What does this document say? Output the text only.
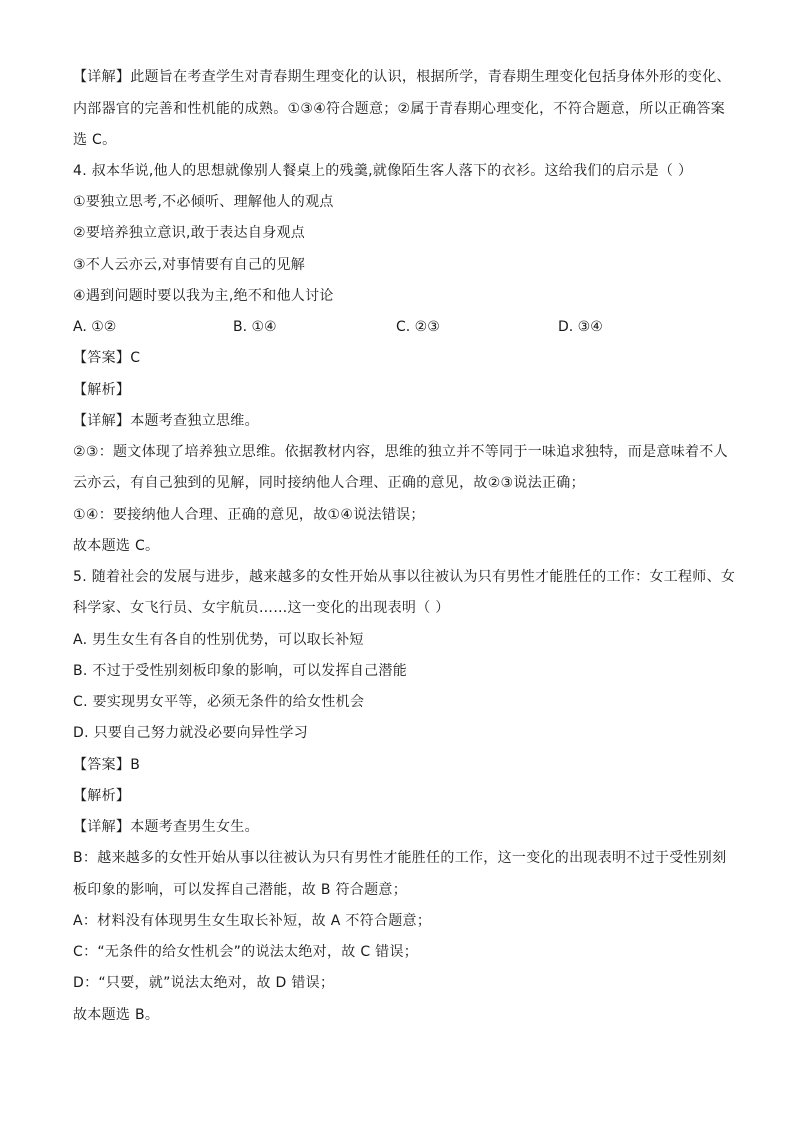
【详解】此题旨在考查学生对青春期生理变化的认识，根据所学，青春期生理变化包括身体外形的变化、
内部器官的完善和性机能的成熟。①③④符合题意；②属于青春期心理变化，不符合题意，所以正确答案
选 C。
4. 叔本华说,他人的思想就像别人餐桌上的残羹,就像陌生客人落下的衣衫。这给我们的启示是（ ）
①要独立思考,不必倾听、理解他人的观点
②要培养独立意识,敢于表达自身观点
③不人云亦云,对事情要有自己的见解
④遇到问题时要以我为主,绝不和他人讨论
A. ①②	B. ①④	C. ②③	D. ③④
【答案】C
【解析】
【详解】本题考查独立思维。
②③：题文体现了培养独立思维。依据教材内容，思维的独立并不等同于一味追求独特，而是意味着不人
云亦云，有自己独到的见解，同时接纳他人合理、正确的意见，故②③说法正确；
①④：要接纳他人合理、正确的意见，故①④说法错误；
故本题选 C。
5. 随着社会的发展与进步，越来越多的女性开始从事以往被认为只有男性才能胜任的工作：女工程师、女
科学家、女飞行员、女宇航员……这一变化的出现表明（ ）
A. 男生女生有各自的性别优势，可以取长补短
B. 不过于受性别刻板印象的影响，可以发挥自己潜能
C. 要实现男女平等，必须无条件的给女性机会
D. 只要自己努力就没必要向异性学习
【答案】B
【解析】
【详解】本题考查男生女生。
B：越来越多的女性开始从事以往被认为只有男性才能胜任的工作，这一变化的出现表明不过于受性别刻
板印象的影响，可以发挥自己潜能，故 B 符合题意；
A：材料没有体现男生女生取长补短，故 A 不符合题意；
C：“无条件的给女性机会”的说法太绝对，故 C 错误；
D：“只要，就”说法太绝对，故 D 错误；
故本题选 B。
